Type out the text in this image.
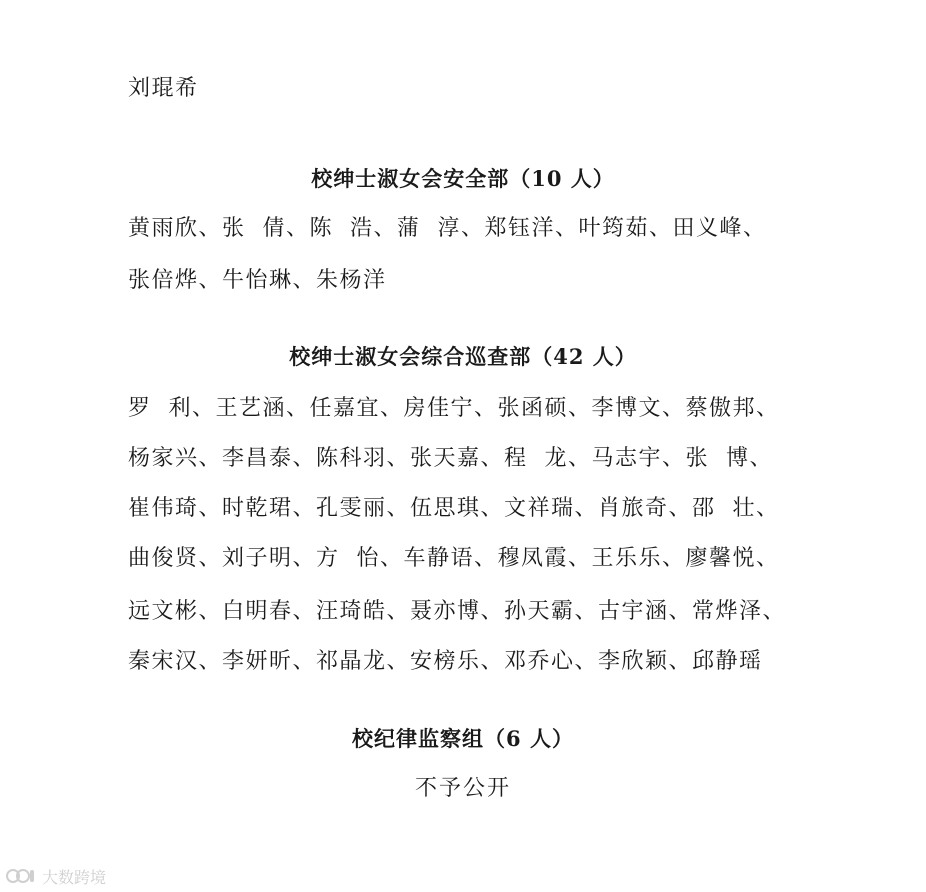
刘琨希
校绅士淑女会安全部（10 人）
黄雨欣、张  倩、陈  浩、蒲  淳、郑钰洋、叶筠茹、田义峰、
张倍烨、牛怡琳、朱杨洋
校绅士淑女会综合巡查部（42 人）
罗  利、王艺涵、任嘉宜、房佳宁、张函硕、李博文、蔡傲邦、
杨家兴、李昌泰、陈科羽、张天嘉、程  龙、马志宇、张  博、
崔伟琦、时乾珺、孔雯丽、伍思琪、文祥瑞、肖旅奇、邵  壮、
曲俊贤、刘子明、方  怡、车静语、穆凤霞、王乐乐、廖馨悦、
远文彬、白明春、汪琦皓、聂亦博、孙天霸、古宇涵、常烨泽、
秦宋汉、李妍昕、祁晶龙、安榜乐、邓乔心、李欣颖、邱静瑶
校纪律监察组（6 人）
不予公开
大数跨境
